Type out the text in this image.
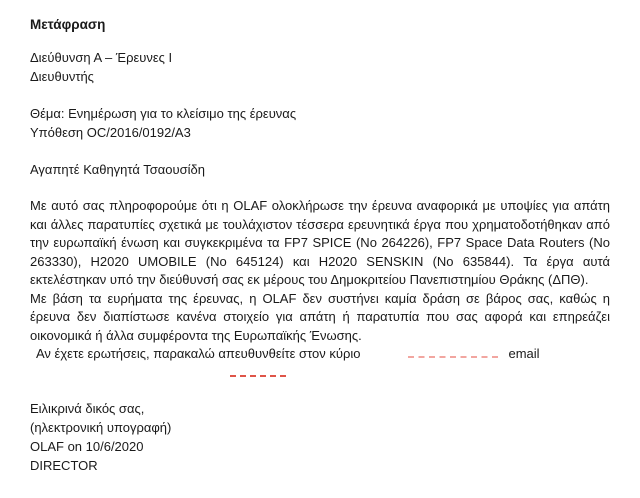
Μετάφραση
Διεύθυνση Α – Έρευνες Ι
Διευθυντής
Θέμα: Ενημέρωση για το κλείσιμο της έρευνας
Υπόθεση OC/2016/0192/A3
Αγαπητέ Καθηγητά Τσαουσίδη

Με αυτό σας πληροφορούμε ότι η OLAF ολοκλήρωσε την έρευνα αναφορικά με υποψίες για απάτη και άλλες παρατυπίες σχετικά με τουλάχιστον τέσσερα ερευνητικά έργα που χρηματοδοτήθηκαν από την ευρωπαϊκή ένωση και συγκεκριμένα τα FP7 SPICE (No 264226), FP7 Space Data Routers (No 263330), H2020 UMOBILE (No 645124) και H2020 SENSKIN (No 635844). Τα έργα αυτά εκτελέστηκαν υπό την διεύθυνσή σας εκ μέρους του Δημοκριτείου Πανεπιστημίου Θράκης (ΔΠΘ).

Με βάση τα ευρήματα της έρευνας, η OLAF δεν συστήνει καμία δράση σε βάρος σας, καθώς η έρευνα δεν διαπίστωσε κανένα στοιχείο για απάτη ή παρατυπία που σας αφορά και επηρεάζει οικονομικά ή άλλα συμφέροντα της Ευρωπαϊκής Ένωσης.

Αν έχετε ερωτήσεις, παρακαλώ απευθυνθείτε στον κύριο	email

Ειλικρινά δικός σας,
(ηλεκτρονική υπογραφή)
OLAF on 10/6/2020
DIRECTOR
